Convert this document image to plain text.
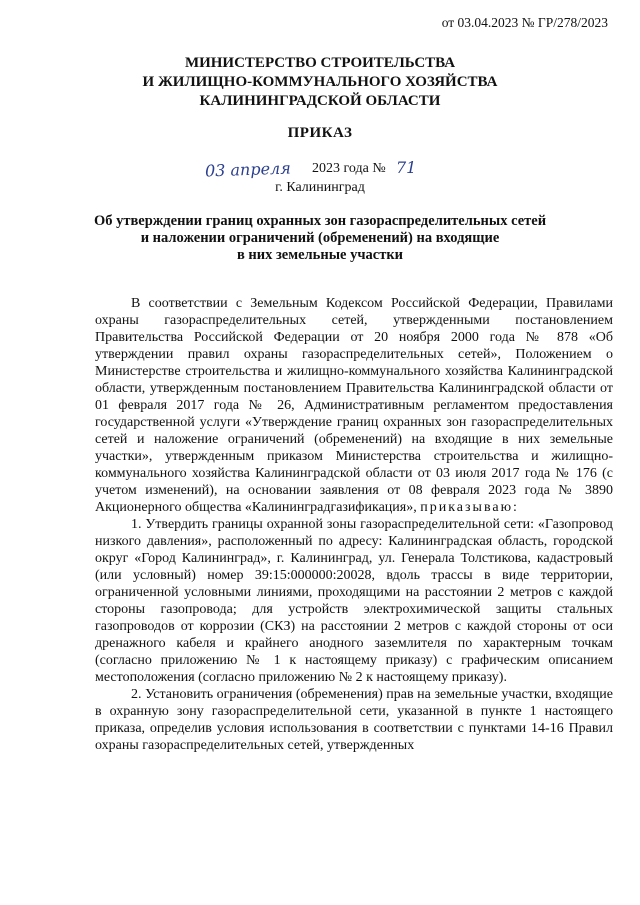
от 03.04.2023 № ГР/278/2023
МИНИСТЕРСТВО СТРОИТЕЛЬСТВА
И ЖИЛИЩНО-КОММУНАЛЬНОГО ХОЗЯЙСТВА
КАЛИНИНГРАДСКОЙ ОБЛАСТИ
ПРИКАЗ
03 апреля 2023 года № 71
г. Калининград
Об утверждении границ охранных зон газораспределительных сетей
и наложении ограничений (обременений) на входящие
в них земельные участки

В соответствии с Земельным Кодексом Российской Федерации, Правилами охраны газораспределительных сетей, утвержденными постановлением Правительства Российской Федерации от 20 ноября 2000 года № 878 «Об утверждении правил охраны газораспределительных сетей», Положением о Министерстве строительства и жилищно-коммунального хозяйства Калининградской области, утвержденным постановлением Правительства Калининградской области от 01 февраля 2017 года № 26, Административным регламентом предоставления государственной услуги «Утверждение границ охранных зон газораспределительных сетей и наложение ограничений (обременений) на входящие в них земельные участки», утвержденным приказом Министерства строительства и жилищно-коммунального хозяйства Калининградской области от 03 июля 2017 года № 176 (с учетом изменений), на основании заявления от 08 февраля 2023 года № 3890 Акционерного общества «Калининградгазификация», приказываю:

1. Утвердить границы охранной зоны газораспределительной сети: «Газопровод низкого давления», расположенный по адресу: Калининградская область, городской округ «Город Калининград», г. Калининград, ул. Генерала Толстикова, кадастровый (или условный) номер 39:15:000000:20028, вдоль трассы в виде территории, ограниченной условными линиями, проходящими на расстоянии 2 метров с каждой стороны газопровода; для устройств электрохимической защиты стальных газопроводов от коррозии (СКЗ) на расстоянии 2 метров с каждой стороны от оси дренажного кабеля и крайнего анодного заземлителя по характерным точкам (согласно приложению № 1 к настоящему приказу) с графическим описанием местоположения (согласно приложению № 2 к настоящему приказу).

2. Установить ограничения (обременения) прав на земельные участки, входящие в охранную зону газораспределительной сети, указанной в пункте 1 настоящего приказа, определив условия использования в соответствии с пунктами 14-16 Правил охраны газораспределительных сетей, утвержденных
